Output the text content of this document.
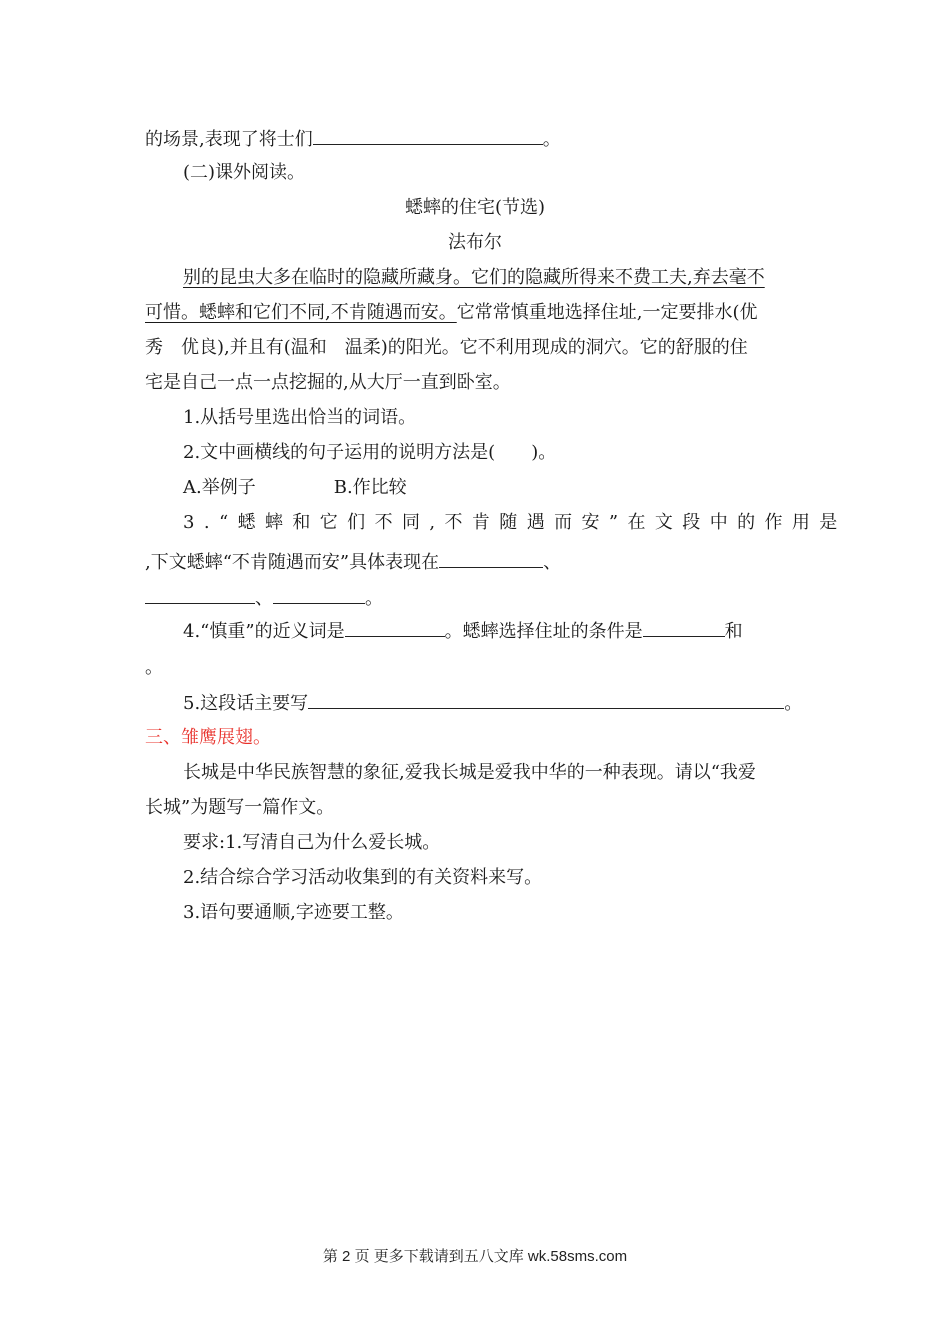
的场景,表现了将士们	。
(二)课外阅读。
蟋蟀的住宅(节选)
法布尔
别的昆虫大多在临时的隐藏所藏身。它们的隐藏所得来不费工夫,弃去毫不
可惜。蟋蟀和它们不同,不肯随遇而安。它常常慎重地选择住址,一定要排水(优
秀　优良),并且有(温和　温柔)的阳光。它不利用现成的洞穴。它的舒服的住
宅是自己一点一点挖掘的,从大厅一直到卧室。
1.从括号里选出恰当的词语。
2.文中画横线的句子运用的说明方法是(　　)。
A.举例子	B.作比较
3.“蟋蟀和它们不同,不肯随遇而安”在文段中的作用是
,下文蟋蟀“不肯随遇而安”具体表现在	、
、	。
4.“慎重”的近义词是	。蟋蟀选择住址的条件是	和
。
5.这段话主要写	。
三、雏鹰展翅。
长城是中华民族智慧的象征,爱我长城是爱我中华的一种表现。请以“我爱
长城”为题写一篇作文。
要求:1.写清自己为什么爱长城。
2.结合综合学习活动收集到的有关资料来写。
3.语句要通顺,字迹要工整。
第 2 页 更多下载请到五八文库 wk.58sms.com
